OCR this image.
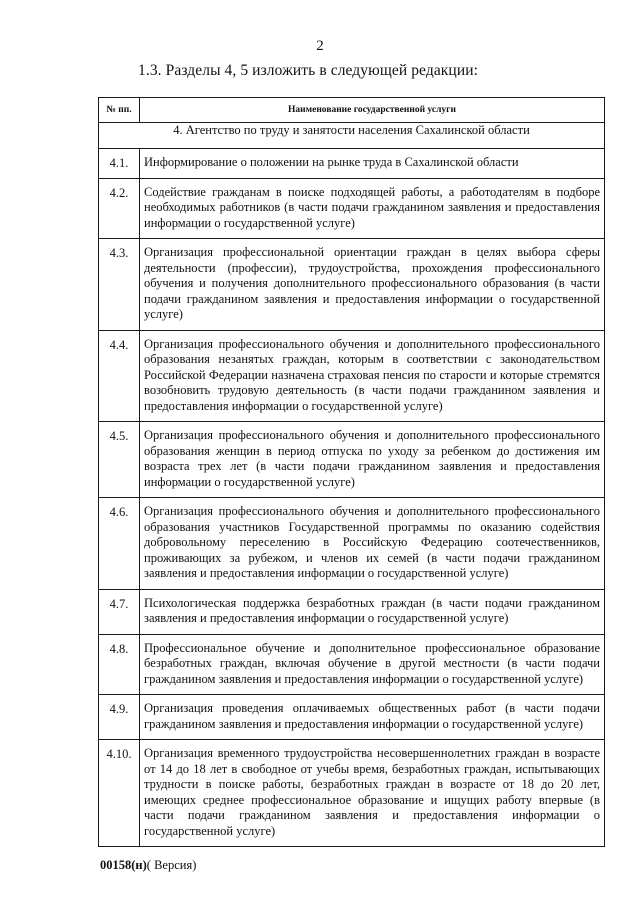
2
1.3. Разделы 4, 5 изложить в следующей редакции:
№ пп.	Наименование государственной услуги
4. Агентство по труду и занятости населения Сахалинской области	
4.1.	Информирование о положении на рынке труда в Сахалинской области
4.2.	Содействие гражданам в поиске подходящей работы, а работодателям в подборе необходимых работников (в части подачи гражданином заявления и предоставления информации о государственной услуге)
4.3.	Организация профессиональной ориентации граждан в целях выбора сферы деятельности (профессии), трудоустройства, прохождения профессионального обучения и получения дополнительного профессионального образования (в части подачи гражданином заявления и предоставления информации о государственной услуге)
4.4.	Организация профессионального обучения и дополнительного профессионального образования незанятых граждан, которым в соответствии с законодательством Российской Федерации назначена страховая пенсия по старости и которые стремятся возобновить трудовую деятельность (в части подачи гражданином заявления и предоставления информации о государственной услуге)
4.5.	Организация профессионального обучения и дополнительного профессионального образования женщин в период отпуска по уходу за ребенком до достижения им возраста трех лет (в части подачи гражданином заявления и предоставления информации о государственной услуге)
4.6.	Организация профессионального обучения и дополнительного профессионального образования участников Государственной программы по оказанию содействия добровольному переселению в Российскую Федерацию соотечественников, проживающих за рубежом, и членов их семей (в части подачи гражданином заявления и предоставления информации о государственной услуге)
4.7.	Психологическая поддержка безработных граждан (в части подачи гражданином заявления и предоставления информации о государственной услуге)
4.8.	Профессиональное обучение и дополнительное профессиональное образование безработных граждан, включая обучение в другой местности (в части подачи гражданином заявления и предоставления информации о государственной услуге)
4.9.	Организация проведения оплачиваемых общественных работ (в части подачи гражданином заявления и предоставления информации о государственной услуге)
4.10.	Организация временного трудоустройства несовершеннолетних граждан в возрасте от 14 до 18 лет в свободное от учебы время, безработных граждан, испытывающих трудности в поиске работы, безработных граждан в возрасте от 18 до 20 лет, имеющих среднее профессиональное образование и ищущих работу впервые (в части подачи гражданином заявления и предоставления информации о государственной услуге)
00158(н)( Версия)
